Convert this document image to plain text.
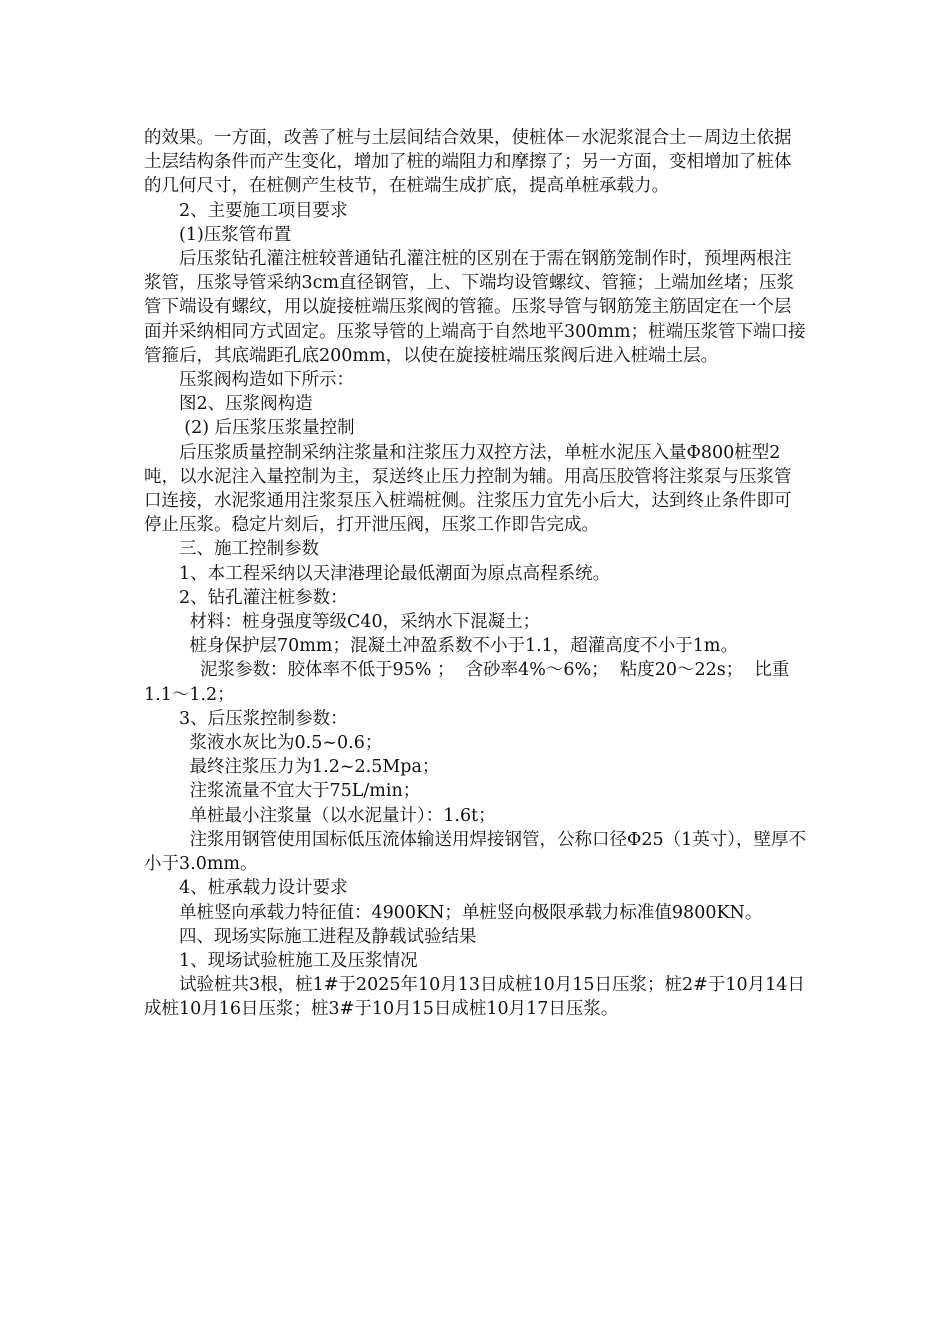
的效果。一方面，改善了桩与土层间结合效果，使桩体－水泥浆混合土－周边土依据土层结构条件而产生变化，增加了桩的端阻力和摩擦了；另一方面，变相增加了桩体的几何尺寸，在桩侧产生枝节，在桩端生成扩底，提高单桩承载力。

2、主要施工项目要求

(1)压浆管布置

后压浆钻孔灌注桩较普通钻孔灌注桩的区别在于需在钢筋笼制作时，预埋两根注浆管，压浆导管采纳3cm直径钢管，上、下端均设管螺纹、管箍；上端加丝堵；压浆管下端设有螺纹，用以旋接桩端压浆阀的管箍。压浆导管与钢筋笼主筋固定在一个层面并采纳相同方式固定。压浆导管的上端高于自然地平300mm；桩端压浆管下端口接管箍后，其底端距孔底200mm，以使在旋接桩端压浆阀后进入桩端土层。

压浆阀构造如下所示：

图2、压浆阀构造

(2) 后压浆压浆量控制

后压浆质量控制采纳注浆量和注浆压力双控方法，单桩水泥压入量Φ800桩型2吨，以水泥注入量控制为主，泵送终止压力控制为辅。用高压胶管将注浆泵与压浆管口连接，水泥浆通用注浆泵压入桩端桩侧。注浆压力宜先小后大，达到终止条件即可停止压浆。稳定片刻后，打开泄压阀，压浆工作即告完成。

三、施工控制参数

1、本工程采纳以天津港理论最低潮面为原点高程系统。

2、钻孔灌注桩参数：

材料：桩身强度等级C40，采纳水下混凝土；

桩身保护层70mm；混凝土冲盈系数不小于1.1，超灌高度不小于1m。

泥浆参数：胶体率不低于95% ；  含砂率4%～6%；  粘度20～22s；  比重1.1～1.2；

3、后压浆控制参数：

浆液水灰比为0.5~0.6；

最终注浆压力为1.2~2.5Mpa；

注浆流量不宜大于75L/min；

单桩最小注浆量（以水泥量计）：1.6t；

注浆用钢管使用国标低压流体输送用焊接钢管，公称口径Φ25（1英寸），壁厚不小于3.0mm。

4、桩承载力设计要求

单桩竖向承载力特征值：4900KN；单桩竖向极限承载力标准值9800KN。

四、现场实际施工进程及静载试验结果

1、现场试验桩施工及压浆情况

试验桩共3根，桩1#于2025年10月13日成桩10月15日压浆；桩2#于10月14日成桩10月16日压浆；桩3#于10月15日成桩10月17日压浆。
